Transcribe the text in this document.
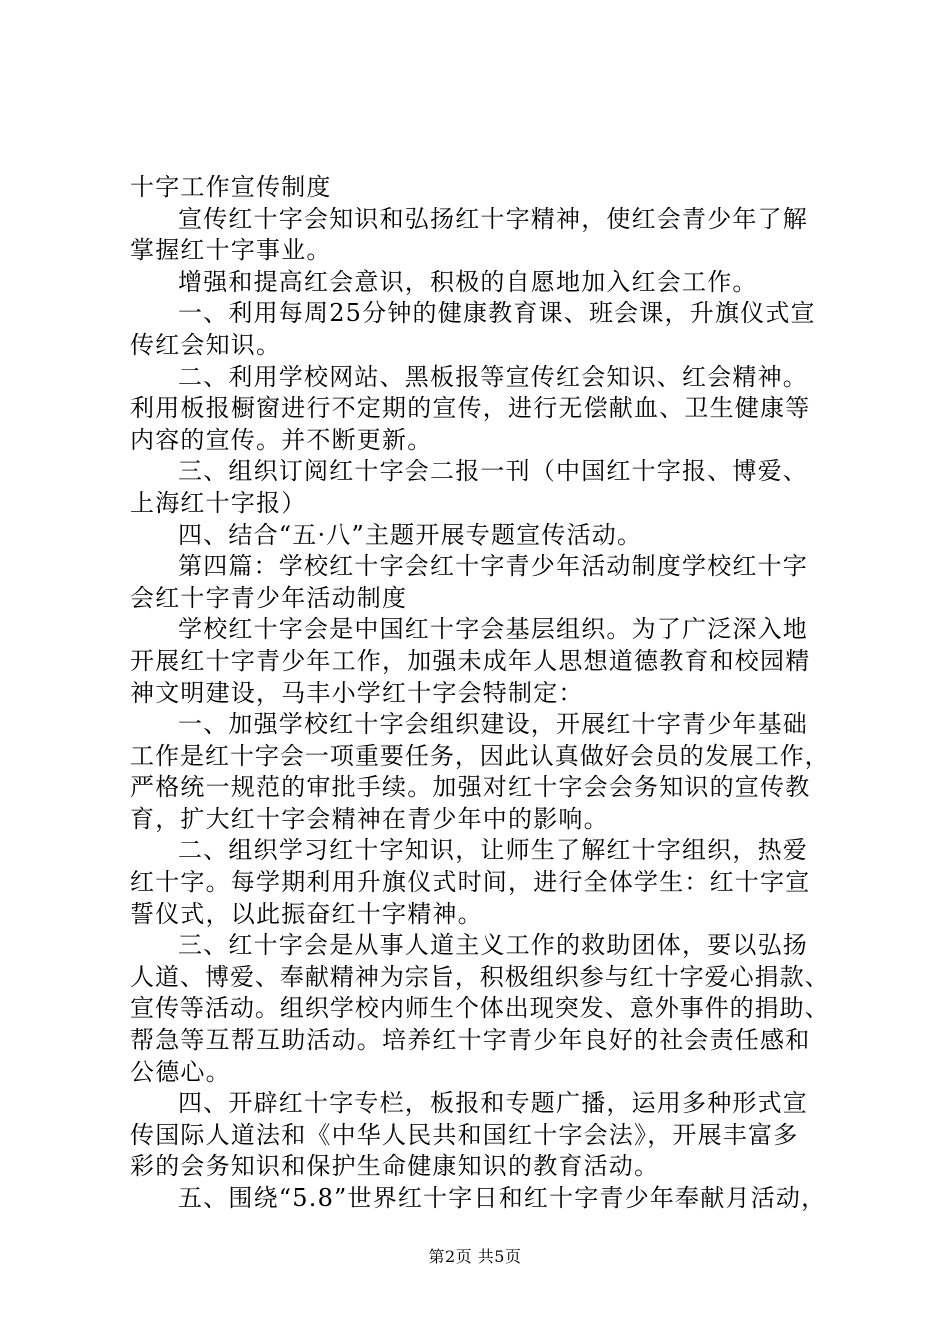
十字工作宣传制度
宣传红十字会知识和弘扬红十字精神，使红会青少年了解
掌握红十字事业。
增强和提高红会意识，积极的自愿地加入红会工作。
一、利用每周25分钟的健康教育课、班会课，升旗仪式宣
传红会知识。
二、利用学校网站、黑板报等宣传红会知识、红会精神。
利用板报橱窗进行不定期的宣传，进行无偿献血、卫生健康等
内容的宣传。并不断更新。
三、组织订阅红十字会二报一刊（中国红十字报、博爱、
上海红十字报）
四、结合“五·八”主题开展专题宣传活动。
第四篇：学校红十字会红十字青少年活动制度学校红十字
会红十字青少年活动制度
学校红十字会是中国红十字会基层组织。为了广泛深入地
开展红十字青少年工作，加强未成年人思想道德教育和校园精
神文明建设，马丰小学红十字会特制定：
一、加强学校红十字会组织建设，开展红十字青少年基础
工作是红十字会一项重要任务，因此认真做好会员的发展工作，
严格统一规范的审批手续。加强对红十字会会务知识的宣传教
育，扩大红十字会精神在青少年中的影响。
二、组织学习红十字知识，让师生了解红十字组织，热爱
红十字。每学期利用升旗仪式时间，进行全体学生：红十字宣
誓仪式，以此振奋红十字精神。
三、红十字会是从事人道主义工作的救助团体，要以弘扬
人道、博爱、奉献精神为宗旨，积极组织参与红十字爱心捐款、
宣传等活动。组织学校内师生个体出现突发、意外事件的捐助、
帮急等互帮互助活动。培养红十字青少年良好的社会责任感和
公德心。
四、开辟红十字专栏，板报和专题广播，运用多种形式宣
传国际人道法和《中华人民共和国红十字会法》，开展丰富多
彩的会务知识和保护生命健康知识的教育活动。
五、围绕“5.8”世界红十字日和红十字青少年奉献月活动，
第2页 共5页
